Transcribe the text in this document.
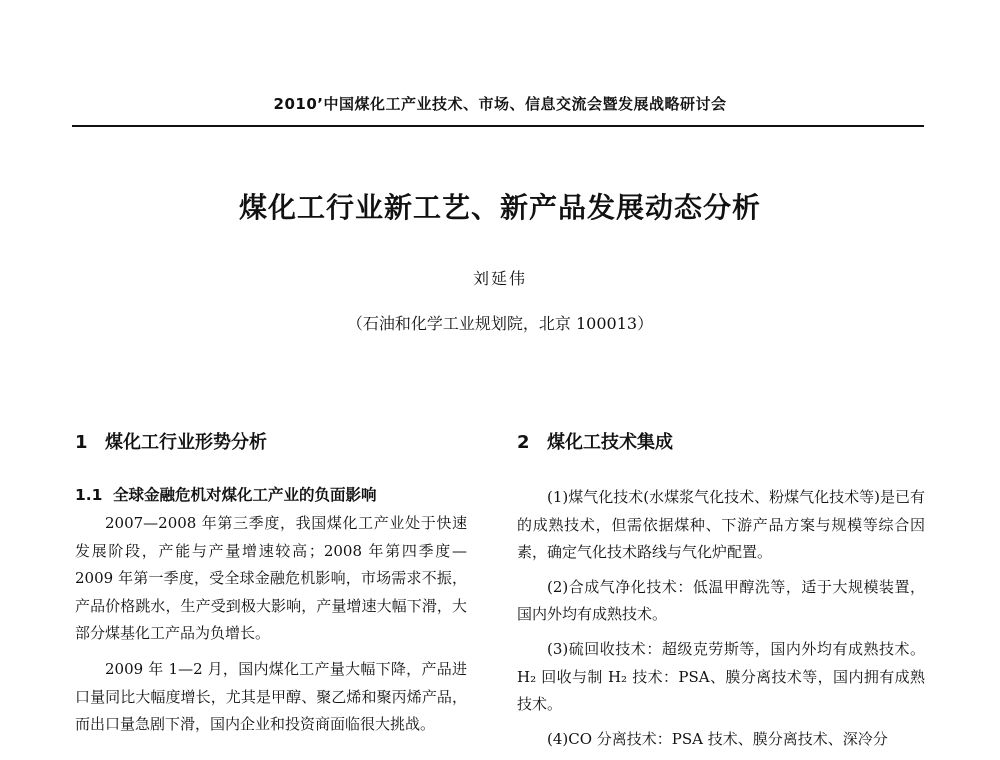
2010’中国煤化工产业技术、市场、信息交流会暨发展战略研讨会
煤化工行业新工艺、新产品发展动态分析
刘延伟
（石油和化学工业规划院，北京 100013）
1 煤化工行业形势分析
1.1 全球金融危机对煤化工产业的负面影响

2007—2008 年第三季度，我国煤化工产业处于快速发展阶段，产能与产量增速较高；2008 年第四季度—2009 年第一季度，受全球金融危机影响，市场需求不振，产品价格跳水，生产受到极大影响，产量增速大幅下滑，大部分煤基化工产品为负增长。

2009 年 1—2 月，国内煤化工产量大幅下降，产品进口量同比大幅度增长，尤其是甲醇、聚乙烯和聚丙烯产品，而出口量急剧下滑，国内企业和投资商面临很大挑战。

2 煤化工技术集成

(1)煤气化技术(水煤浆气化技术、粉煤气化技术等)是已有的成熟技术，但需依据煤种、下游产品方案与规模等综合因素，确定气化技术路线与气化炉配置。

(2)合成气净化技术：低温甲醇洗等，适于大规模装置，国内外均有成熟技术。

(3)硫回收技术：超级克劳斯等，国内外均有成熟技术。H₂ 回收与制 H₂ 技术：PSA、膜分离技术等，国内拥有成熟技术。

(4)CO 分离技术：PSA 技术、膜分离技术、深冷分
